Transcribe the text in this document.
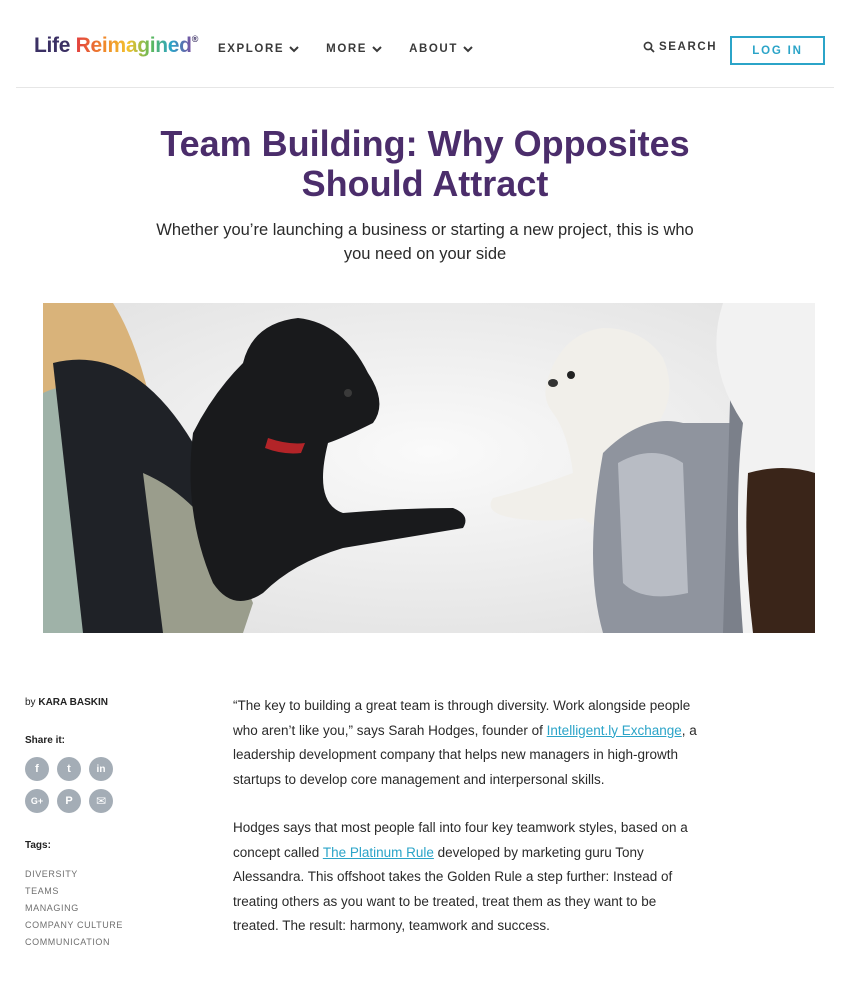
Life Reimagined®
EXPLORE	MORE	ABOUT	SEARCH	LOG IN
Team Building: Why Opposites Should Attract

Whether you’re launching a business or starting a new project, this is who you need on your side

by KARA BASKIN
Share it:
f	t	in
G+ P ✉
Tags:
DIVERSITY
TEAMS
MANAGING
COMPANY CULTURE
COMMUNICATION

“The key to building a great team is through diversity. Work alongside people who aren’t like you,” says Sarah Hodges, founder of Intelligent.ly Exchange, a leadership development company that helps new managers in high-growth startups to develop core management and interpersonal skills.

Hodges says that most people fall into four key teamwork styles, based on a concept called The Platinum Rule developed by marketing guru Tony Alessandra. This offshoot takes the Golden Rule a step further: Instead of treating others as you want to be treated, treat them as they want to be treated. The result: harmony, teamwork and success.
